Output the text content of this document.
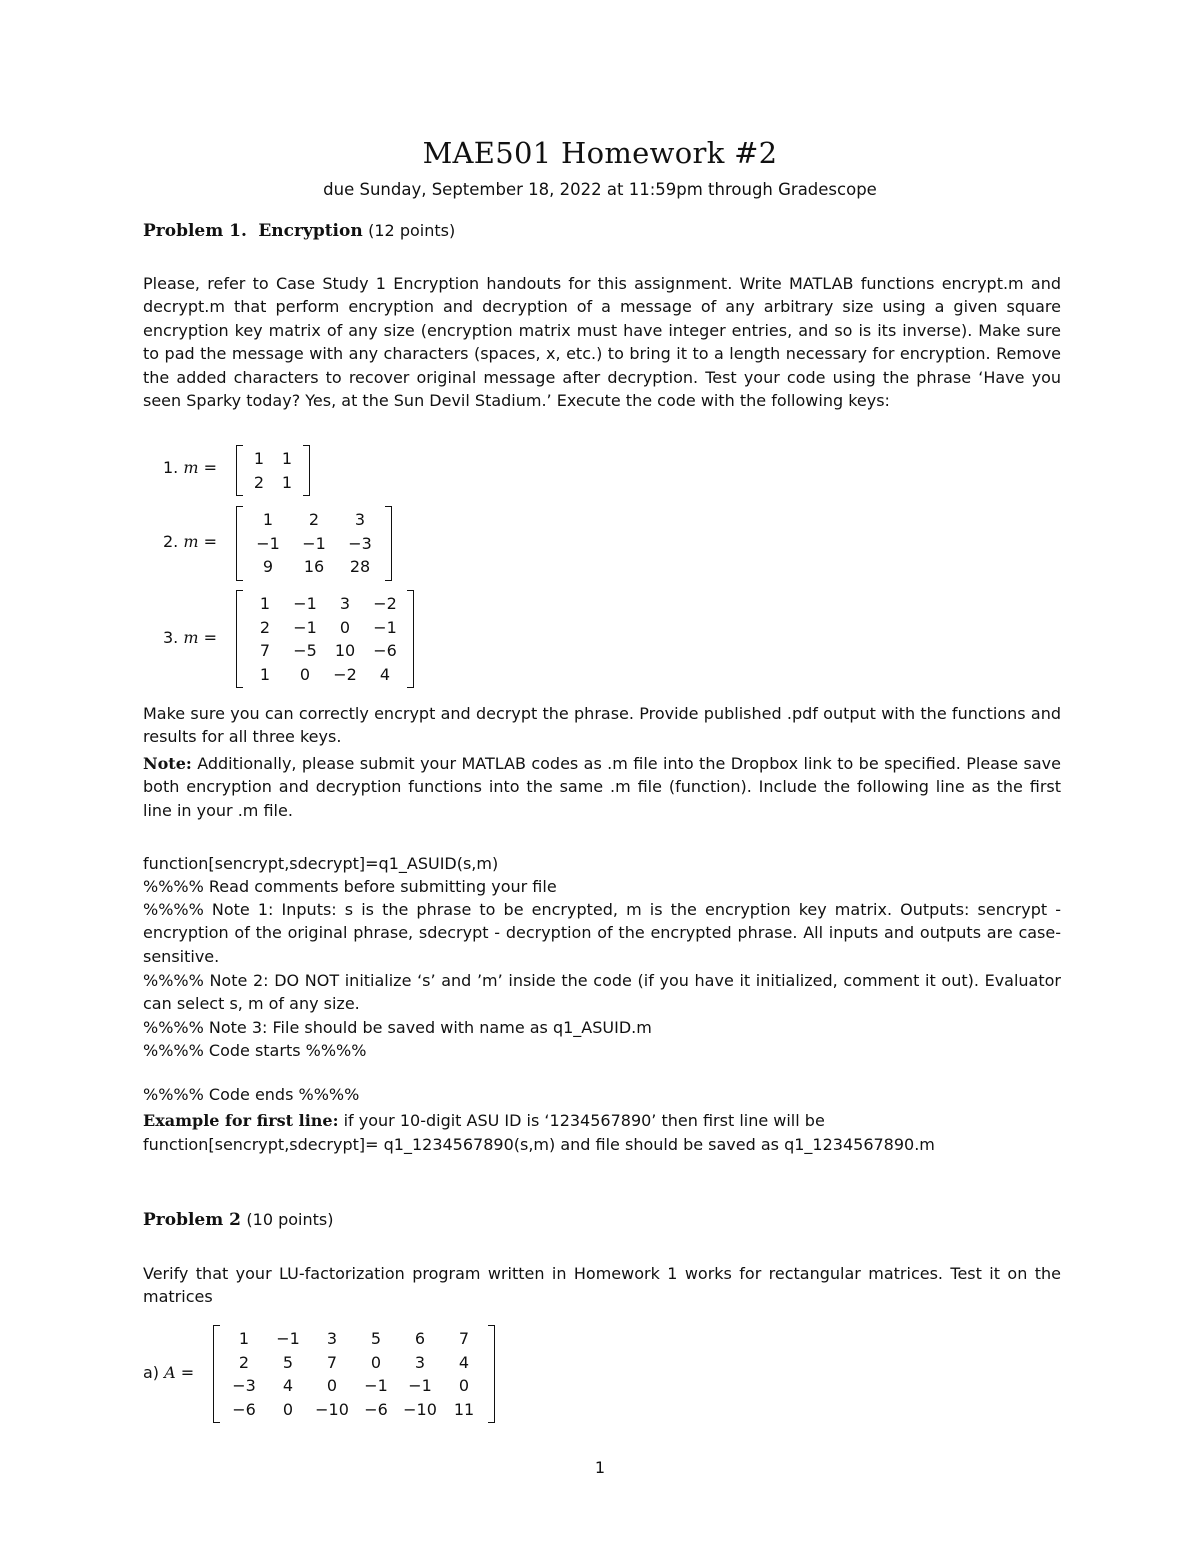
MAE501 Homework #2
due Sunday, September 18, 2022 at 11:59pm through Gradescope
Problem 1. Encryption (12 points)
Please, refer to Case Study 1 Encryption handouts for this assignment. Write MATLAB functions encrypt.m and decrypt.m that perform encryption and decryption of a message of any arbitrary size using a given square encryption key matrix of any size (encryption matrix must have integer entries, and so is its inverse). Make sure to pad the message with any characters (spaces, x, etc.) to bring it to a length necessary for encryption. Remove the added characters to recover original message after decryption. Test your code using the phrase ‘Have you seen Sparky today? Yes, at the Sun Devil Stadium.’ Execute the code with the following keys:
1. m = 1	1
2	1
2. m =
1	2	3
−1	−1	−3
9	16	28
3. m =
1	−1	3	−2
2	−1	0	−1
7	−5	10	−6
1	0	−2	4
Make sure you can correctly encrypt and decrypt the phrase. Provide published .pdf output with the functions and results for all three keys.
Note: Additionally, please submit your MATLAB codes as .m file into the Dropbox link to be specified. Please save both encryption and decryption functions into the same .m file (function). Include the following line as the first line in your .m file.
function[sencrypt,sdecrypt]=q1_ASUID(s,m)
%%%% Read comments before submitting your file
%%%% Note 1: Inputs: s is the phrase to be encrypted, m is the encryption key matrix. Outputs: sencrypt - encryption of the original phrase, sdecrypt - decryption of the encrypted phrase. All inputs and outputs are case-sensitive.
%%%% Note 2: DO NOT initialize ‘s’ and ’m’ inside the code (if you have it initialized, comment it out). Evaluator can select s, m of any size.
%%%% Note 3: File should be saved with name as q1_ASUID.m
%%%% Code starts %%%%
%%%% Code ends %%%%
Example for first line: if your 10-digit ASU ID is ‘1234567890’ then first line will be
function[sencrypt,sdecrypt]= q1_1234567890(s,m) and file should be saved as q1_1234567890.m
Problem 2 (10 points)
Verify that your LU-factorization program written in Homework 1 works for rectangular matrices. Test it on the matrices
a) A =
1	−1	3	5	6	7
2	5	7	0	3	4
−3	4	0	−1	−1	0
−6	0	−10	−6	−10	11
1
